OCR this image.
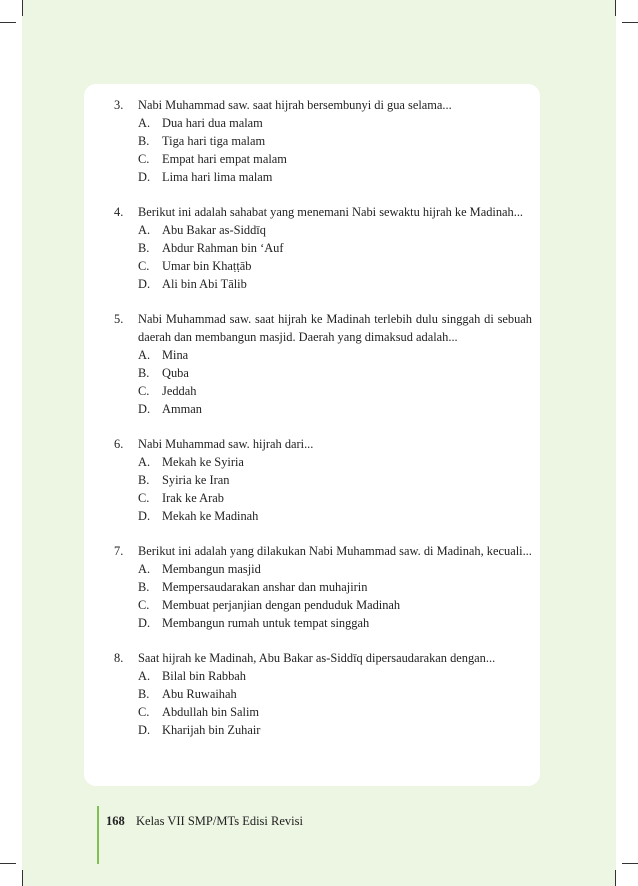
3.	Nabi Muhammad saw. saat hijrah bersembunyi di gua selama...
A. Dua hari dua malam
B.	Tiga hari tiga malam
C.	Empat hari empat malam
D. Lima hari lima malam
4.	Berikut ini adalah sahabat yang menemani Nabi sewaktu hijrah ke Madinah...
A. Abu Bakar as-Siddīq
B.	Abdur Rahman bin ‘Auf
C.	Umar bin Khaṭṭāb
D. Ali bin Abi Tālib
5.	Nabi Muhammad saw. saat hijrah ke Madinah terlebih dulu singgah di sebuah daerah dan membangun masjid. Daerah yang dimaksud adalah...
A. Mina
B.	Quba
C.	Jeddah
D. Amman
6.	Nabi Muhammad saw. hijrah dari...
A. Mekah ke Syiria
B.	Syiria ke Iran
C.	Irak ke Arab
D. Mekah ke Madinah
7.	Berikut ini adalah yang dilakukan Nabi Muhammad saw. di Madinah, kecuali...
A. Membangun masjid
B.	Mempersaudarakan anshar dan muhajirin
C.	Membuat perjanjian dengan penduduk Madinah
D. Membangun rumah untuk tempat singgah
8.	Saat hijrah ke Madinah, Abu Bakar as-Siddīq dipersaudarakan dengan...
A. Bilal bin Rabbah
B.	Abu Ruwaihah
C.	Abdullah bin Salim
D. Kharijah bin Zuhair
168 Kelas VII SMP/MTs Edisi Revisi
